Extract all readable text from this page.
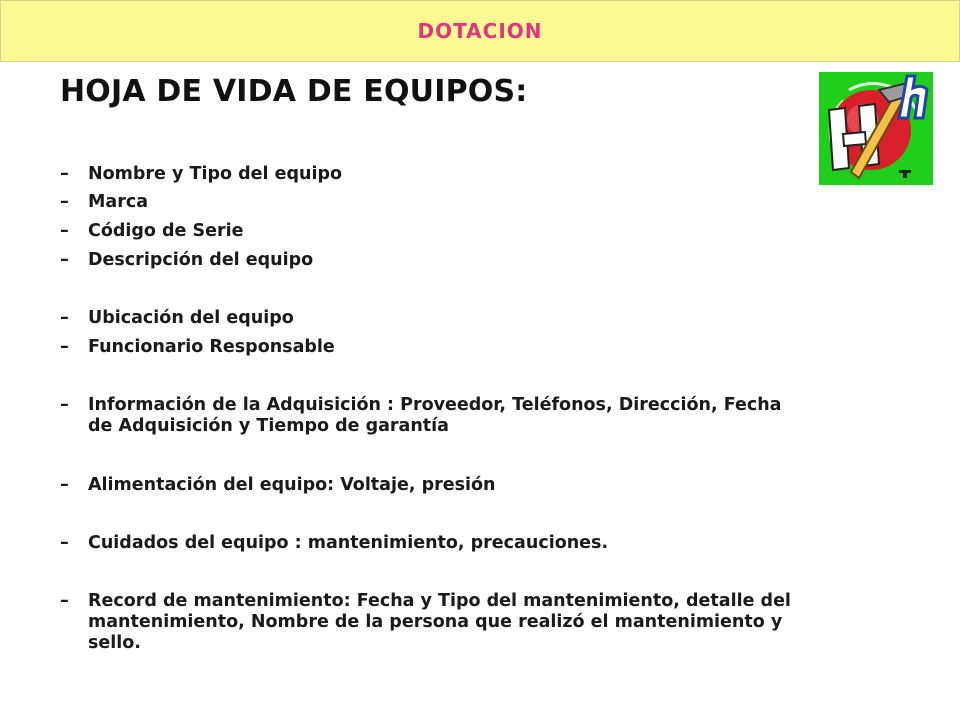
DOTACION
HOJA DE VIDA DE EQUIPOS:
–	Nombre y Tipo del equipo
–	Marca
–	Código de Serie
–	Descripción del equipo
–	Ubicación del equipo
–	Funcionario Responsable
–	Información de la Adquisición : Proveedor, Teléfonos, Dirección, Fecha de Adquisición y Tiempo de garantía
–	Alimentación del equipo: Voltaje, presión
–	Cuidados del equipo : mantenimiento, precauciones.
–	Record de mantenimiento: Fecha y Tipo del mantenimiento, detalle del mantenimiento, Nombre de la persona que realizó el mantenimiento y sello.
